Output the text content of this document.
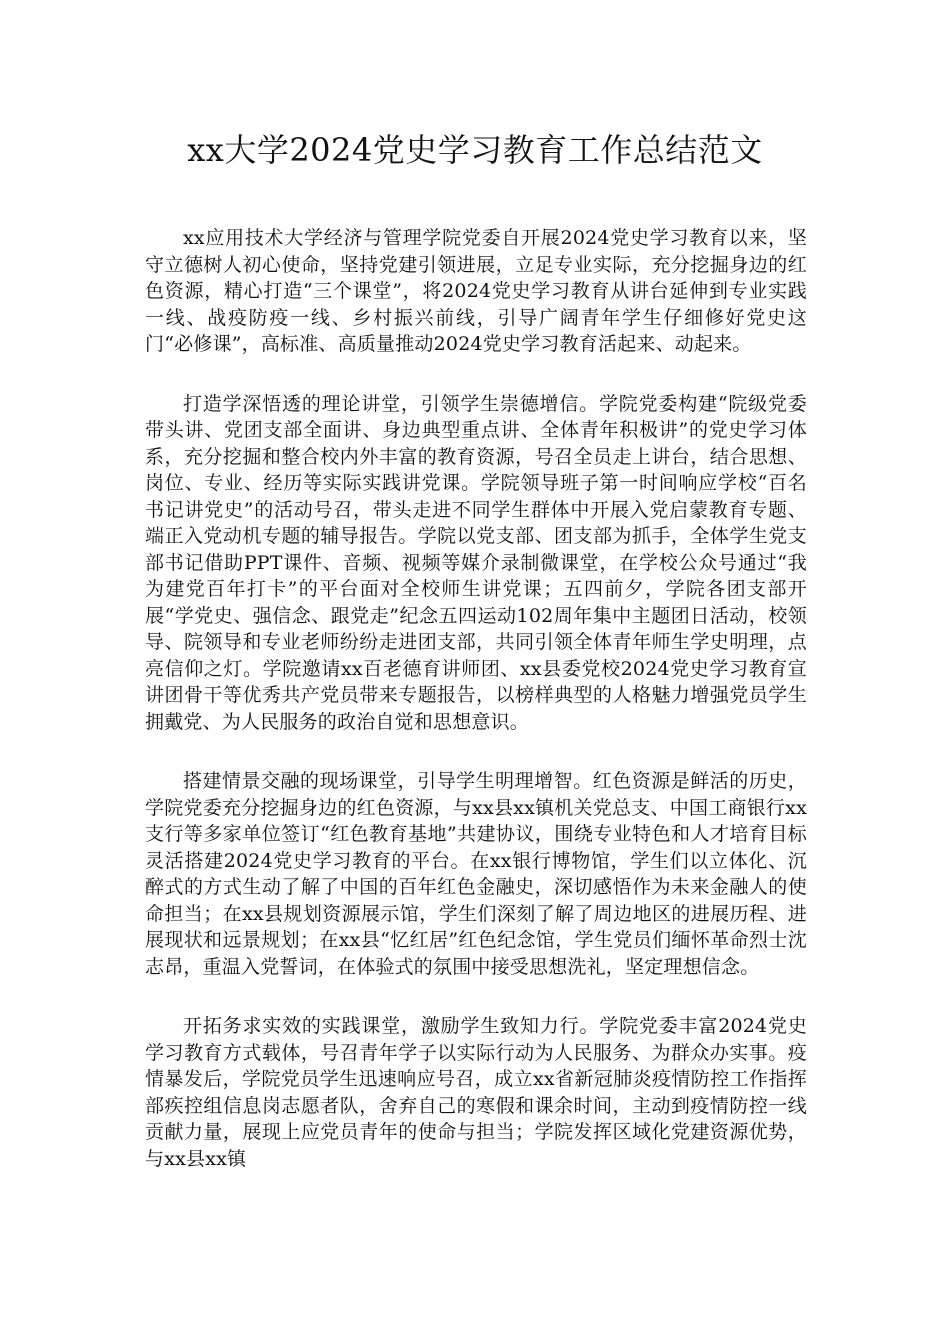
xx大学2024党史学习教育工作总结范文

xx应用技术大学经济与管理学院党委自开展2024党史学习教育以来，坚守立德树人初心使命，坚持党建引领进展，立足专业实际，充分挖掘身边的红色资源，精心打造“三个课堂”，将2024党史学习教育从讲台延伸到专业实践一线、战疫防疫一线、乡村振兴前线，引导广阔青年学生仔细修好党史这门“必修课”，高标准、高质量推动2024党史学习教育活起来、动起来。

打造学深悟透的理论讲堂，引领学生崇德增信。学院党委构建“院级党委带头讲、党团支部全面讲、身边典型重点讲、全体青年积极讲”的党史学习体系，充分挖掘和整合校内外丰富的教育资源，号召全员走上讲台，结合思想、岗位、专业、经历等实际实践讲党课。学院领导班子第一时间响应学校“百名书记讲党史”的活动号召，带头走进不同学生群体中开展入党启蒙教育专题、端正入党动机专题的辅导报告。学院以党支部、团支部为抓手，全体学生党支部书记借助PPT课件、音频、视频等媒介录制微课堂，在学校公众号通过“我为建党百年打卡”的平台面对全校师生讲党课；五四前夕，学院各团支部开展“学党史、强信念、跟党走”纪念五四运动102周年集中主题团日活动，校领导、院领导和专业老师纷纷走进团支部，共同引领全体青年师生学史明理，点亮信仰之灯。学院邀请xx百老德育讲师团、xx县委党校2024党史学习教育宣讲团骨干等优秀共产党员带来专题报告，以榜样典型的人格魅力增强党员学生拥戴党、为人民服务的政治自觉和思想意识。

搭建情景交融的现场课堂，引导学生明理增智。红色资源是鲜活的历史，学院党委充分挖掘身边的红色资源，与xx县xx镇机关党总支、中国工商银行xx支行等多家单位签订“红色教育基地”共建协议，围绕专业特色和人才培育目标灵活搭建2024党史学习教育的平台。在xx银行博物馆，学生们以立体化、沉醉式的方式生动了解了中国的百年红色金融史，深切感悟作为未来金融人的使命担当；在xx县规划资源展示馆，学生们深刻了解了周边地区的进展历程、进展现状和远景规划；在xx县“忆红居”红色纪念馆，学生党员们缅怀革命烈士沈志昂，重温入党誓词，在体验式的氛围中接受思想洗礼，坚定理想信念。

开拓务求实效的实践课堂，激励学生致知力行。学院党委丰富2024党史学习教育方式载体，号召青年学子以实际行动为人民服务、为群众办实事。疫情暴发后，学院党员学生迅速响应号召，成立xx省新冠肺炎疫情防控工作指挥部疾控组信息岗志愿者队，舍弃自己的寒假和课余时间，主动到疫情防控一线贡献力量，展现上应党员青年的使命与担当；学院发挥区域化党建资源优势，与xx县xx镇
